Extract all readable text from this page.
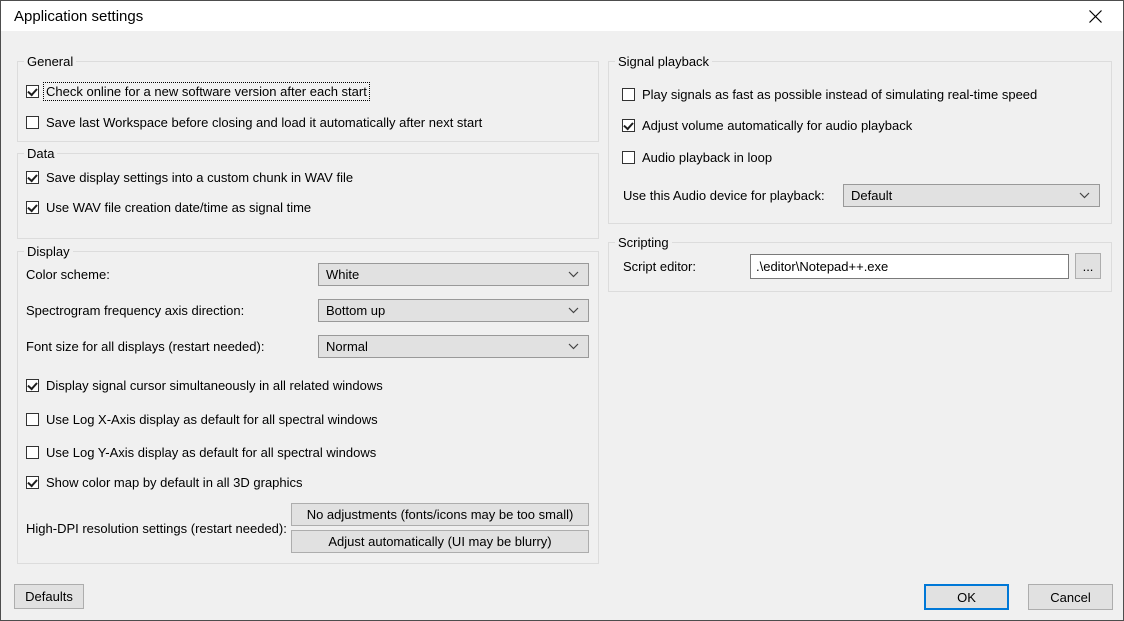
Application settings
General
Check online for a new software version after each start
Save last Workspace before closing and load it automatically after next start
Data
Save display settings into a custom chunk in WAV file
Use WAV file creation date/time as signal time
Display
Color scheme:	White
Spectrogram frequency axis direction:	Bottom up
Font size for all displays (restart needed):	Normal
Display signal cursor simultaneously in all related windows
Use Log X-Axis display as default for all spectral windows
Use Log Y-Axis display as default for all spectral windows
Show color map by default in all 3D graphics
High-DPI resolution settings (restart needed):
No adjustments (fonts/icons may be too small)
Adjust automatically (UI may be blurry)
Signal playback
Play signals as fast as possible instead of simulating real-time speed
Adjust volume automatically for audio playback
Audio playback in loop
Use this Audio device for playback:	Default
Scripting
Script editor:
.\editor\Notepad++.exe	...
Defaults	OK	Cancel
